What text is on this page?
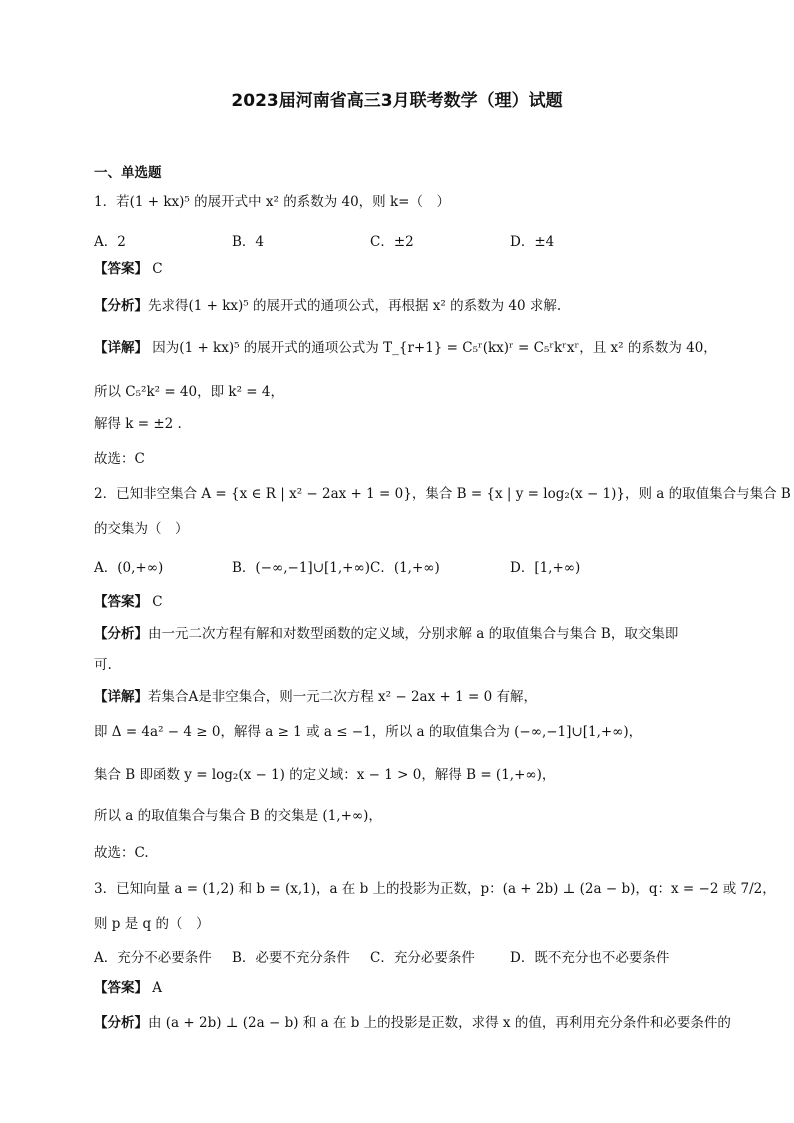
2023届河南省高三3月联考数学（理）试题
一、单选题
1．若(1 + kx)⁵ 的展开式中 x² 的系数为 40，则 k=（　）
A．2	B．4	C．±2	D．±4
【答案】 C
【分析】先求得(1 + kx)⁵ 的展开式的通项公式，再根据 x² 的系数为 40 求解.
【详解】 因为(1 + kx)⁵ 的展开式的通项公式为 T_{r+1} = C₅ʳ(kx)ʳ = C₅ʳkʳxʳ，且 x² 的系数为 40，
所以 C₅²k² = 40，即 k² = 4，
解得 k = ±2 .
故选：C
2．已知非空集合 A = {x ∈ R | x² − 2ax + 1 = 0}，集合 B = {x | y = log₂(x − 1)}，则 a 的取值集合与集合 B
的交集为（　）
A．(0,+∞)	B．(−∞,−1]∪[1,+∞) C．(1,+∞)	D．[1,+∞)
【答案】 C
【分析】由一元二次方程有解和对数型函数的定义域，分别求解 a 的取值集合与集合 B，取交集即
可.
【详解】若集合A是非空集合，则一元二次方程 x² − 2ax + 1 = 0 有解，
即 Δ = 4a² − 4 ≥ 0，解得 a ≥ 1 或 a ≤ −1，所以 a 的取值集合为 (−∞,−1]∪[1,+∞)，
集合 B 即函数 y = log₂(x − 1) 的定义域：x − 1 > 0，解得 B = (1,+∞)，
所以 a 的取值集合与集合 B 的交集是 (1,+∞)，
故选：C.
3．已知向量 a = (1,2) 和 b = (x,1)，a 在 b 上的投影为正数，p：(a + 2b) ⊥ (2a − b)，q：x = −2 或 7/2，
则 p 是 q 的（　）
A．充分不必要条件 B．必要不充分条件 C．充分必要条件	D．既不充分也不必要条件
【答案】 A
【分析】由 (a + 2b) ⊥ (2a − b) 和 a 在 b 上的投影是正数，求得 x 的值，再利用充分条件和必要条件的
